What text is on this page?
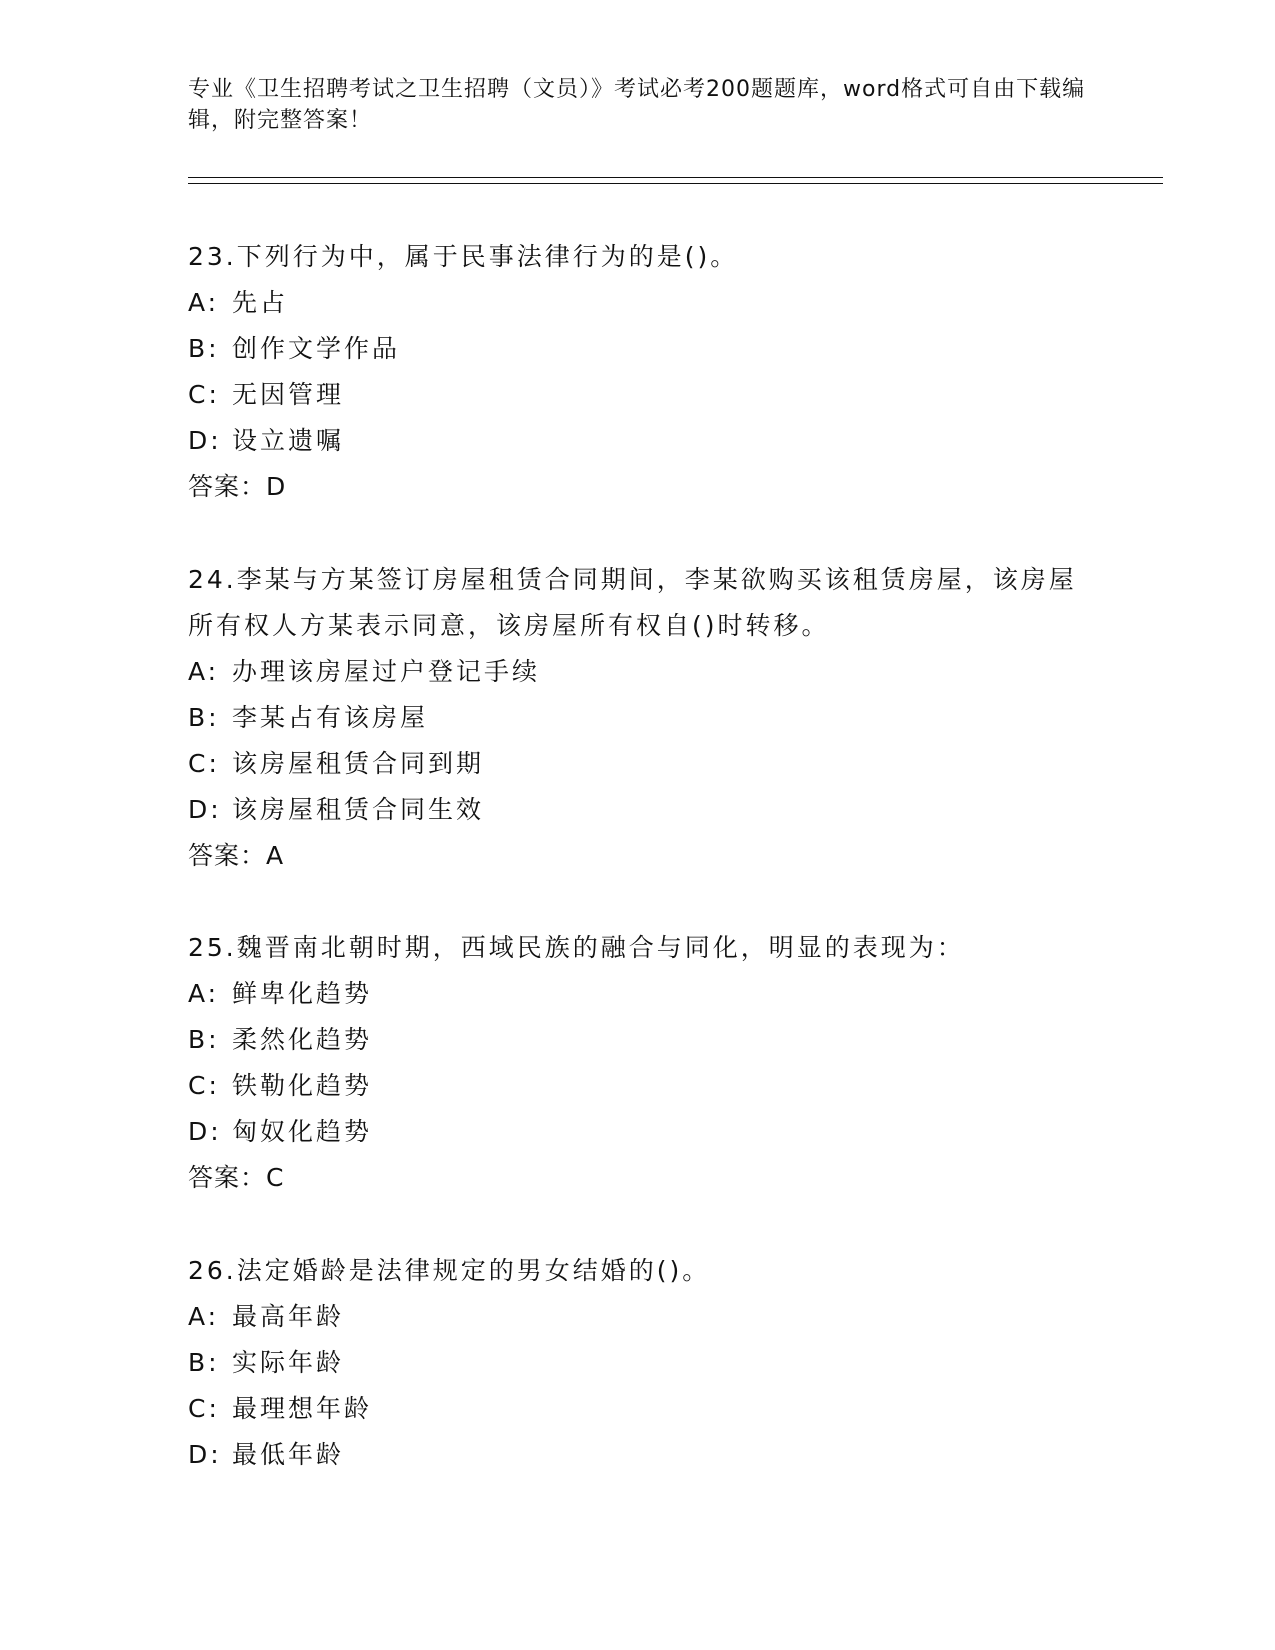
专业《卫生招聘考试之卫生招聘（文员）》考试必考200题题库，word格式可自由下载编辑，附完整答案！
23.下列行为中，属于民事法律行为的是()。
A: 先占
B: 创作文学作品
C: 无因管理
D: 设立遗嘱
答案：D
24.李某与方某签订房屋租赁合同期间，李某欲购买该租赁房屋，该房屋所有权人方某表示同意，该房屋所有权自()时转移。
A: 办理该房屋过户登记手续
B: 李某占有该房屋
C: 该房屋租赁合同到期
D: 该房屋租赁合同生效
答案：A
25.魏晋南北朝时期，西域民族的融合与同化，明显的表现为：
A: 鲜卑化趋势
B: 柔然化趋势
C: 铁勒化趋势
D: 匈奴化趋势
答案：C
26.法定婚龄是法律规定的男女结婚的()。
A: 最高年龄
B: 实际年龄
C: 最理想年龄
D: 最低年龄
